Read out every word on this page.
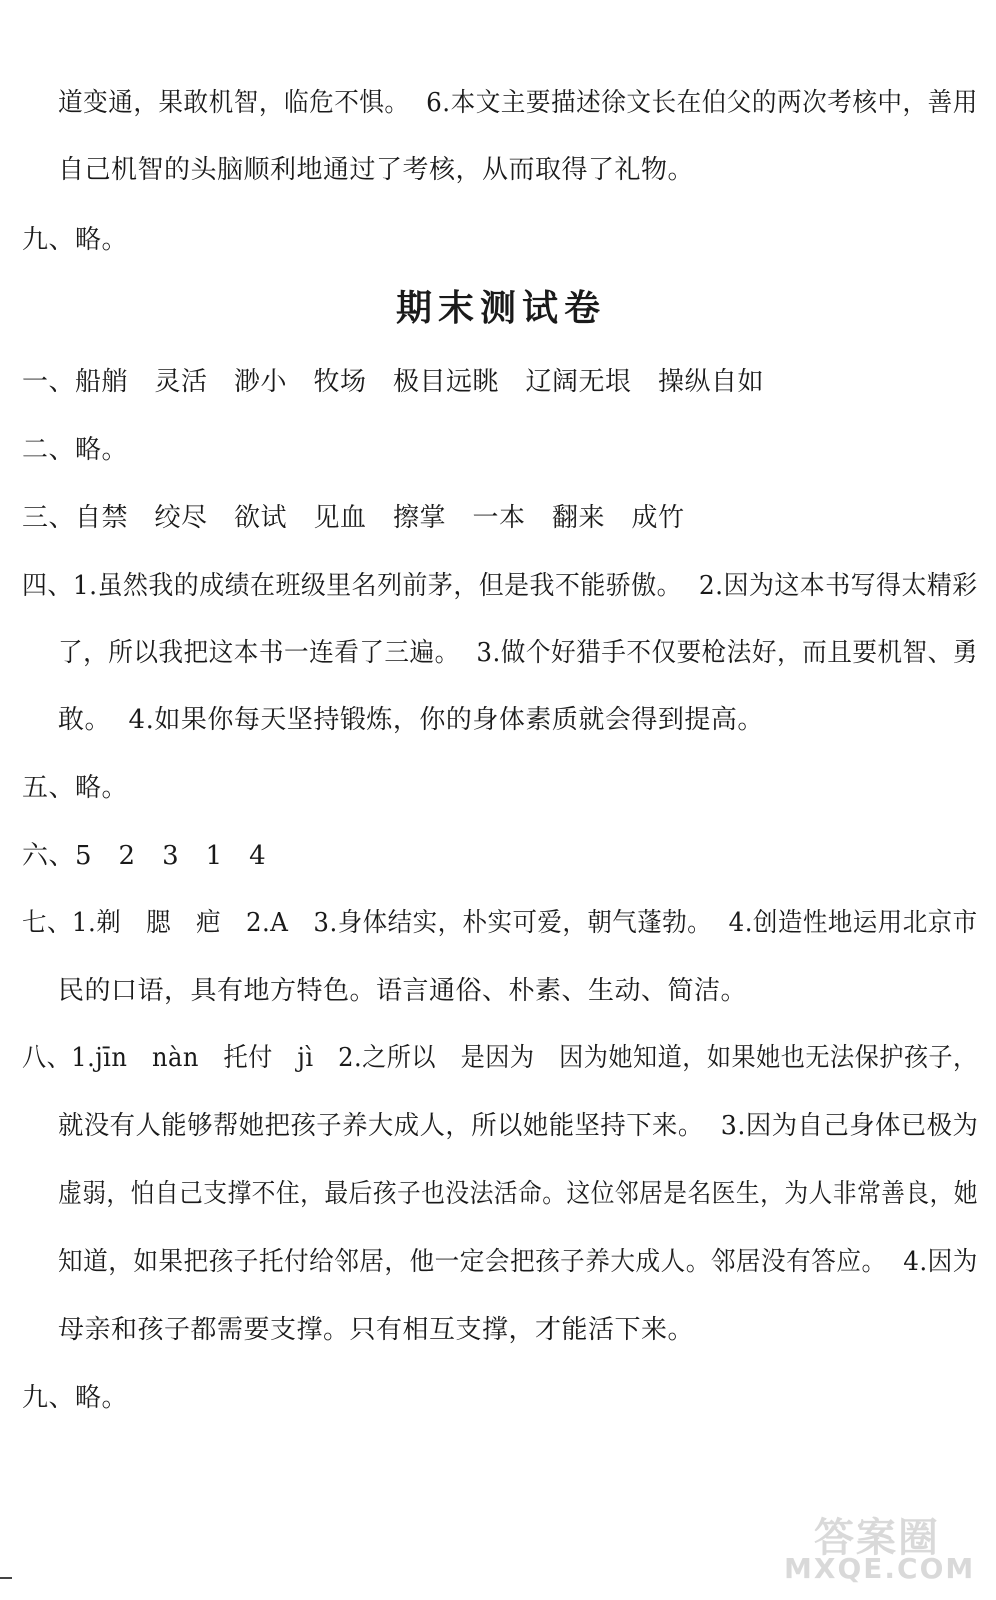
道变通，果敢机智，临危不惧。  6.本文主要描述徐文长在伯父的两次考核中，善用
自己机智的头脑顺利地通过了考核，从而取得了礼物。
九、略。
期末测试卷
一、船艄　灵活　渺小　牧场　极目远眺　辽阔无垠　操纵自如
二、略。
三、自禁　绞尽　欲试　见血　擦掌　一本　翻来　成竹
四、1.虽然我的成绩在班级里名列前茅，但是我不能骄傲。  2.因为这本书写得太精彩
了，所以我把这本书一连看了三遍。  3.做个好猎手不仅要枪法好，而且要机智、勇
敢。  4.如果你每天坚持锻炼，你的身体素质就会得到提高。
五、略。
六、5　2　3　1　4
七、1.剃　腮　疤　2.A　3.身体结实，朴实可爱，朝气蓬勃。  4.创造性地运用北京市
民的口语，具有地方特色。语言通俗、朴素、生动、简洁。
八、1.jīn　nàn　托付　jì　2.之所以　是因为　因为她知道，如果她也无法保护孩子，
就没有人能够帮她把孩子养大成人，所以她能坚持下来。  3.因为自己身体已极为
虚弱，怕自己支撑不住，最后孩子也没法活命。这位邻居是名医生，为人非常善良，她
知道，如果把孩子托付给邻居，他一定会把孩子养大成人。邻居没有答应。  4.因为
母亲和孩子都需要支撑。只有相互支撑，才能活下来。
九、略。
答案圈
MXQE.COM
